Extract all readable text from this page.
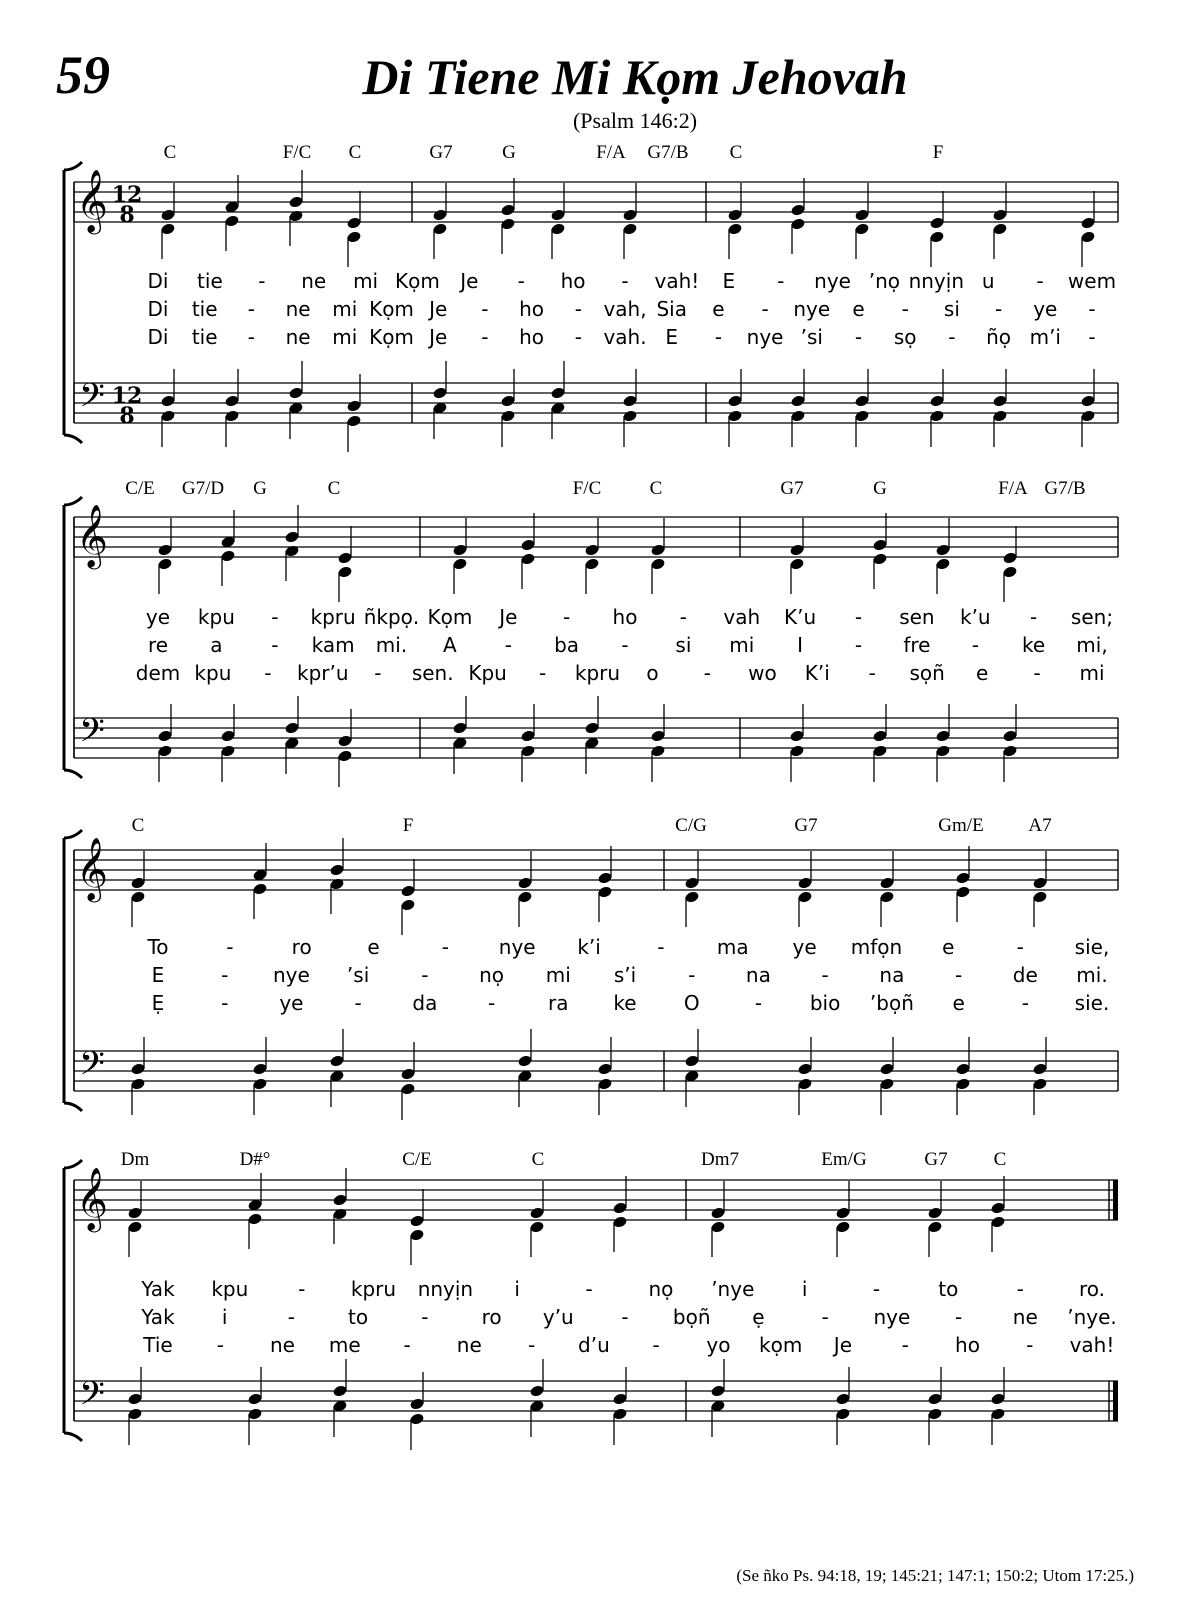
59	Di Tiene Mi Kọm Jehovah
(Psalm 146:2)
𝄞 12
8
𝄢 12
8
C	F/C C	G7	G	F/A G7/B C	F
Di tie - ne mi Kọm Je - ho - vah! E - nye ’nọ nnyịn u - wem
Di tie - ne mi Kọm Je - ho - vah, Sia e - nye e - si - ye -
Di tie - ne mi Kọm Je - ho - vah. E - nye ’si - sọ - ñọ m’i -
𝄞
𝄢
C/E G7/D G	C	F/C	C	G7	G	F/A G7/B
ye kpu - kpru ñkpọ. Kọm Je - ho - vah K’u - sen k’u - sen;
re a - kam mi. A - ba - si mi I	- fre - ke mi,
dem kpu - kpr’u - sen. Kpu - kpru o - wo K’i - sọñ e - mi
𝄞
𝄢
C	F	C/G	G7	Gm/E A7
To	-	ro	e	- nye k’i	-	ma ye mfọn e	-	sie,
E	- nye ’si	-	nọ mi s’i	-	na	-	na	-	de mi.
Ẹ	-	ye	-	da	-	ra ke O	- bio ’bọñ e	- sie.
𝄞
𝄢
Dm	D#°	C/E	C	Dm7	Em/G	G7 C
Yak kpu - kpru nnyịn i	-	nọ ’nye i	-	to	-	ro.
Yak i	-	to	-	ro y’u - bọñ ẹ	- nye -	ne ’nye.
Tie - ne me - ne - d’u - yo kọm Je - ho - vah!
(Se ñko Ps. 94:18, 19; 145:21; 147:1; 150:2; Utom 17:25.)
